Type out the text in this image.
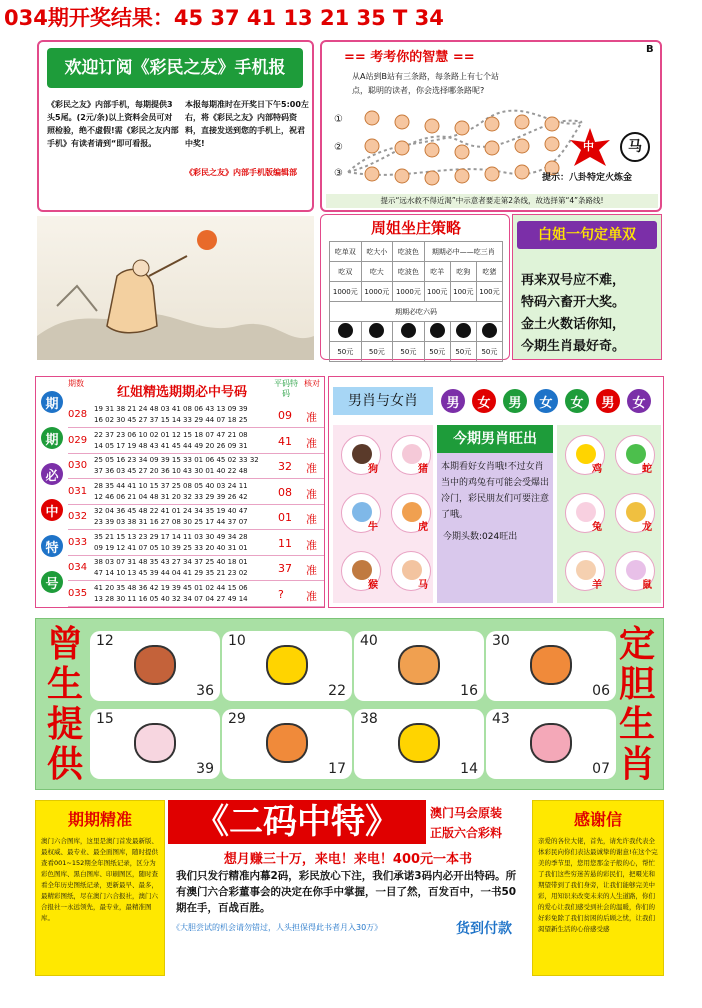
034期开奖结果：45 37 41 13 21 35 T 34
欢迎订阅《彩民之友》手机报
《彩民之友》内部手机，每期提供3头5尾。(2元/条)以上资料会员可对照检验，绝不虚假!需《彩民之友内部手机》有读者请到“即可看报。
本报每期准时在开奖日下午5:00左右，将《彩民之友》内部特码资料，直接发送到您的手机上，祝君中奖!
《彩民之友》内部手机版编辑部
== 考考你的智慧 ==
B
从A站到B站有三条路，每条路上有七个站点，聪明的读者，你会选择哪条路呢?
①
②
③
中	马
提示：八卦特定火炼金
提示“远水救不得近渴”中示意者要走第2条线，故选择第“4”条路线!
周姐坐庄策略
吃单双	吃大小	吃波色	期期必中——吃三肖		
吃双	吃大	吃波色	吃羊	吃狗	吃猪
1000元	1000元	1000元	100元	100元	100元
期期必吃六码					

50元	50元	50元	50元	50元	50元
白姐一句定单双
再来双号应不难，
特码六畜开大奖。
金土火数话你知，
今期生肖最好奇。
期
期
必
中
特
号
期数
红姐精选期期必中号码
平码特码
核对
028 19 31 38 21 24 48 03 41 08 06 43 13 09 39
16 02 30 45 27 37 15 14 33 29 44 07 18 25	09 准
029 22 37 23 06 10 02 01 12 15 18 07 47 21 08
14 05 17 19 48 43 41 45 44 49 20 26 09 31	41 准
030 25 05 16 23 34 09 39 15 33 01 06 45 02 33 32
37 36 03 45 27 20 36 10 43 30 01 40 22 48	32 准
031 28 35 44 41 10 15 37 25 08 05 40 03 24 11
12 46 06 21 04 48 31 20 32 33 29 39 26 42	08 准
032 32 04 36 45 48 22 41 01 24 34 35 19 40 47
23 39 03 38 31 16 27 08 30 25 17 44 37 07	01 准
033 35 21 15 13 23 29 17 14 11 03 30 49 34 28
09 19 12 41 07 05 10 39 25 33 20 40 31 01	11 准
034 38 03 07 31 48 35 43 27 34 37 25 40 18 01
47 14 10 13 45 39 44 04 41 29 35 21 23 02	37 准
035 41 20 35 48 36 42 19 39 45 01 02 44 15 06
13 28 30 11 16 05 40 32 34 07 04 27 49 14	? 准
男肖与女肖	男	女	男	女	女	男	女
狗	猪
牛	虎
猴	马
今期男肖旺出
本期看好女肖哦!不过女肖当中的鸡兔有可能会受爆出冷门，彩民朋友们可要注意了哦。
今期头数:024旺出
鸡	蛇
兔	龙
羊	鼠
曾
生
提
供
定
胆
生
肖
12
36
10
22
40
16
30
06
15
39
29
17
38
14
43
07
期期精准
澳门六合图库，这里是澳门首发最新版、最权威、最专业、最全面图库，随时提供查看001~152期全年图纸记录，区分为彩色图库、黑白图库、印刷图区，随时查看全年历史图纸记录，更新最早、最多，最精彩图纸，尽在澳门六合报社，澳门六合报社一永远领先，最专业，最精准图库。
《二码中特》	澳门马会原装
正版六合彩料
想月赚三十万，来电！来电！400元一本书
我们只发行精准内幕2码，彩民放心下注，我们承诺3码内必开出特码。所有澳门六合彩董事会的决定在你手中掌握，一目了然，百发百中，一书50期在手，百战百胜。
《大胆尝试的机会请勿错过，人头担保得此书者月入30万》	货到付款
感谢信
亲爱的各位大佬，首先，请允许我代表全体彩民向你们表达最诚挚的谢意!在这个完美的季节里，您用您那金子般的心，帮忙了我们这些穷迷苦悬的彩民们，把嗫光和期望带到了我们身旁，让我们能够完美中彩，用知识来改变未来的人生道路，你们的爱心让我们感受到社会的温暖，你们的好彩免除了我们贫困的后顾之忧，让我们渴望新生活的心倍感受感
